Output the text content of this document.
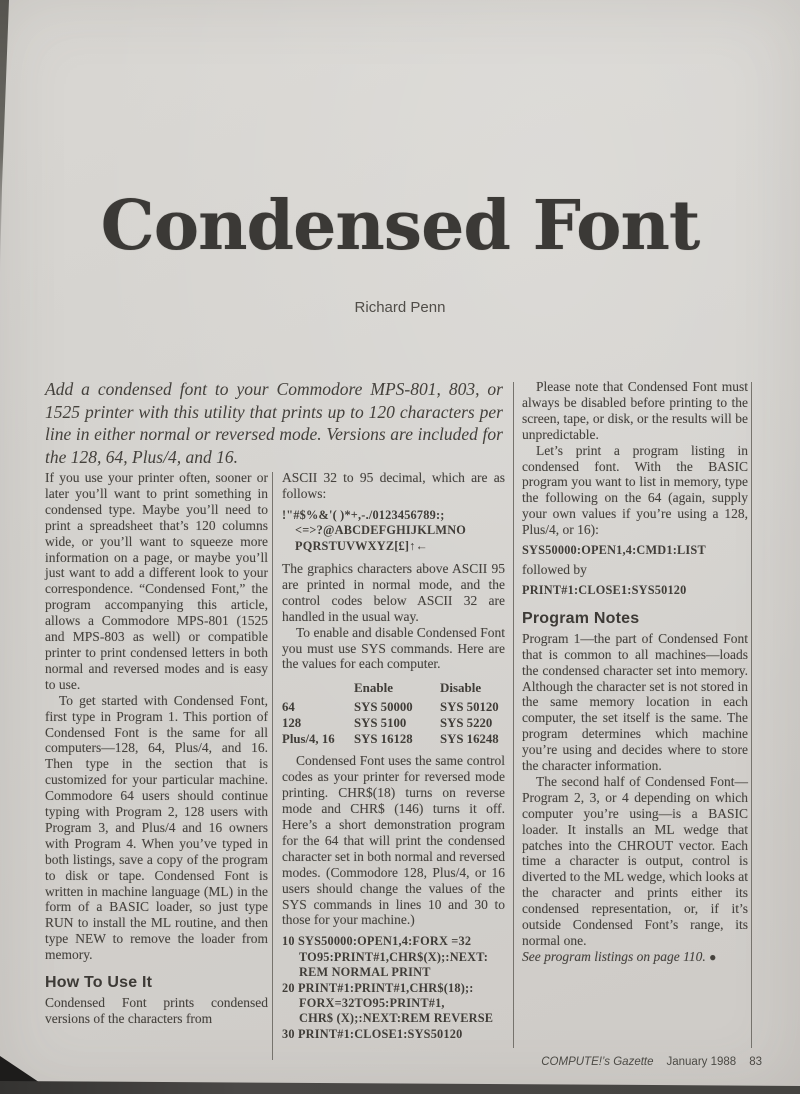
Condensed Font
Richard Penn
Add a condensed font to your Commodore MPS-801, 803, or 1525 printer with this utility that prints up to 120 characters per line in either normal or reversed mode. Versions are included for the 128, 64, Plus/4, and 16.

If you use your printer often, sooner or later you’ll want to print something in condensed type. Maybe you’ll need to print a spreadsheet that’s 120 columns wide, or you’ll want to squeeze more information on a page, or maybe you’ll just want to add a different look to your correspondence. “Condensed Font,” the program accompanying this article, allows a Commodore MPS-801 (1525 and MPS-803 as well) or compatible printer to print condensed letters in both normal and reversed modes and is easy to use.

To get started with Condensed Font, first type in Program 1. This portion of Condensed Font is the same for all computers—128, 64, Plus/4, and 16. Then type in the section that is customized for your particular machine. Commodore 64 users should continue typing with Program 2, 128 users with Program 3, and Plus/4 and 16 owners with Program 4. When you’ve typed in both listings, save a copy of the program to disk or tape. Condensed Font is written in machine language (ML) in the form of a BASIC loader, so just type RUN to install the ML routine, and then type NEW to remove the loader from memory.

How To Use It

Condensed Font prints condensed versions of the characters from

ASCII 32 to 95 decimal, which are as follows:

!"#$%&'( )*+,-./0123456789:;
<=>?@ABCDEFGHIJKLMNO
PQRSTUVWXYZ[£]↑←

The graphics characters above ASCII 95 are printed in normal mode, and the control codes below ASCII 32 are handled in the usual way.

To enable and disable Condensed Font you must use SYS commands. Here are the values for each computer.

	Enable	Disable
64	SYS 50000	SYS 50120
128	SYS 5100	SYS 5220
Plus/4, 16	SYS 16128	SYS 16248

Condensed Font uses the same control codes as your printer for reversed mode printing. CHR$(18) turns on reverse mode and CHR$ (146) turns it off. Here’s a short demonstration program for the 64 that will print the condensed character set in both normal and reversed modes. (Commodore 128, Plus/4, or 16 users should change the values of the SYS commands in lines 10 and 30 to those for your machine.)

10 SYS50000:OPEN1,4:FORX =32
TO95:PRINT#1,CHR$(X);:NEXT:
REM NORMAL PRINT
20 PRINT#1:PRINT#1,CHR$(18);:
FORX=32TO95:PRINT#1,
CHR$ (X);:NEXT:REM REVERSE
30 PRINT#1:CLOSE1:SYS50120

Please note that Condensed Font must always be disabled before printing to the screen, tape, or disk, or the results will be unpredictable.

Let’s print a program listing in condensed font. With the BASIC program you want to list in memory, type the following on the 64 (again, supply your own values if you’re using a 128, Plus/4, or 16):

SYS50000:OPEN1,4:CMD1:LIST

followed by

PRINT#1:CLOSE1:SYS50120
Program Notes

Program 1—the part of Condensed Font that is common to all machines—loads the condensed character set into memory. Although the character set is not stored in the same memory location in each computer, the set itself is the same. The program determines which machine you’re using and decides where to store the character information.

The second half of Condensed Font—Program 2, 3, or 4 depending on which computer you’re using—is a BASIC loader. It installs an ML wedge that patches into the CHROUT vector. Each time a character is output, control is diverted to the ML wedge, which looks at the character and prints either its condensed representation, or, if it’s outside Condensed Font’s range, its normal one.

See program listings on page 110. ●

COMPUTE!’s Gazette January 1988 83
